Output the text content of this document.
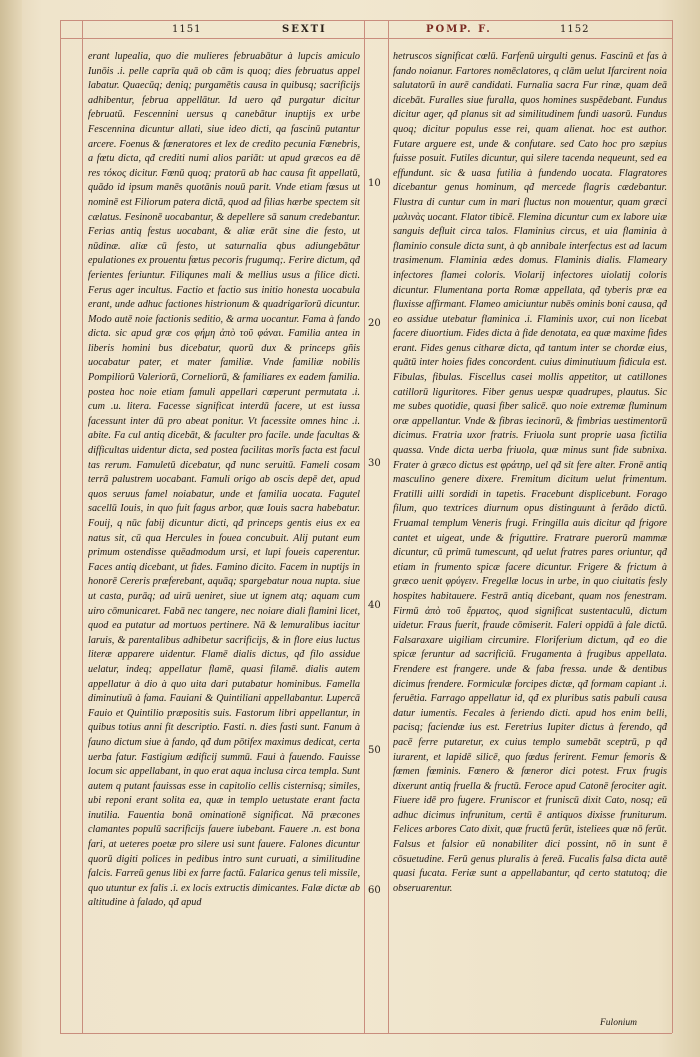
1151	SEXTI	POMP. F.	1152
10
20
30
40
50
60

erant lupealia, quo die mulieres februabātur à lupcis amiculo Iunōis .i. pelle caprīa quā ob cām is quoq; dies februatus appel labatur. Quaecūq; deniq; purgamētis causa in quibusq; sacrificijs adhibentur, februa appellātur. Id uero qđ purgatur dicitur februatū. Fescennini uersus q canebātur inuptijs ex urbe Fescennina dicuntur allati, siue ideo dicti, qa fascinū putantur arcere. Foenus & fœneratores et lex de credito pecunia Fœnebris, a fœtu dicta, qđ crediti numi alios pariāt: ut apud græcos ea dē res τόκος dicitur. Fœnū quoq; pratorū ab hac causa fit appellatū, quādo id ipsum manēs quotānis nouū parit. Vnde etiam fœsus ut nominē est Filiorum patera dictā, quod ad filias hærbe spectem sit cælatus. Fesinonē uocabantur, & depellere sā sanum credebantur. Ferias antiq festus uocabant, & aliæ erāt sine die festo, ut nūdinæ. aliæ cū festo, ut saturnalia qbus adiungebātur epulationes ex prouentu fœtus pecoris frugumq;. Ferire dictum, qđ ferientes feriuntur. Filiqunes mali & mellius usus a filice dicti. Ferus ager incultus. Factio et factio sus initio honesta uocabula erant, unde adhuc factiones histrionum & quadrigarīorū dicuntur. Modo autē noie factionis seditio, & arma uocantur. Fama à fando dicta. sic apud græ cos φήμη ἀπὸ τοῦ φάναι. Familia antea in liberis homini bus dicebatur, quorū dux & princeps gñis uocabatur pater, et mater familiæ. Vnde familiæ nobilis Pompiliorū Valeriorū, Corneliorū, & familiares ex eadem familia. postea hoc noie etiam famuli appellari cœperunt permutata .i. cum .u. litera. Facesse significat interdū facere, ut est iussa facessunt inter dū pro abeat ponitur. Vt facessite omnes hinc .i. abite. Fa cul antiq dicebāt, & faculter pro facile. unde facultas & difficultas uidentur dicta, sed postea facilitas morīs facta est facul tas rerum. Famuletū dicebatur, qđ nunc seruitū. Fameli cosam terrā palustrem uocabant. Famuli origo ab oscis depē det, apud quos seruus famel noiabatur, unde et familia uocata. Fagutel sacellū Iouis, in quo fuit fagus arbor, quæ Iouis sacra habebatur. Fouij, q nūc fabij dicuntur dicti, qđ princeps gentis eius ex ea natus sit, cū qua Hercules in fouea concubuit. Alij putant eum primum ostendisse quēadmodum ursi, et lupi foueis caperentur. Faces antiq dicebant, ut fides. Famino dicito. Facem in nuptijs in honorē Cereris præferebant, aquāq; spargebatur noua nupta. siue ut casta, purāq; ad uirū ueniret, siue ut ignem atq; aquam cum uiro cōmunicaret. Fabā nec tangere, nec noiare diali flamini licet, quod ea putatur ad mortuos pertinere. Nā & lemuralibus iacitur laruis, & parentalibus adhibetur sacrificijs, & in flore eius luctus literæ apparere uidentur. Flamē dialis dictus, qđ filo assidue uelatur, indeq; appellatur flamē, quasi filamē. dialis autem appellatur à dio à quo uita dari putabatur hominibus. Famella diminutiuū à fama. Fauiani & Quintiliani appellabantur. Lupercā Fauio et Quintilio præpositis suis. Fastorum libri appellantur, in quibus totius anni fit descriptio. Fasti. n. dies fasti sunt. Fanum à fauno dictum siue à fando, qđ dum pōtifex maximus dedicat, certa uerba fatur. Fastigium ædificij summū. Faui à fauendo. Fauisse locum sic appellabant, in quo erat aqua inclusa circa templa. Sunt autem q putant fauissas esse in capitolio cellis cisternisq; similes, ubi reponi erant solita ea, quæ in templo uetustate erant facta inutilia. Fauentia bonā ominationē significat. Nā præcones clamantes populū sacrificijs fauere iubebant. Fauere .n. est bona fari, at ueteres poetæ pro silere usi sunt fauere. Falones dicuntur quorū digiti polices in pedibus intro sunt curuati, a similitudine falcis. Farreū genus libi ex farre factū. Falarica genus teli missile, quo utuntur ex falis .i. ex locis extructis dimicantes. Falæ dictæ ab altitudine à falado, qđ apud

hetruscos significat cœlū. Farfenū uirgulti genus. Fascinū et fas à fando noianur. Fartores nomēclatores, q clām uelut Ifarcirent noia salutatorū in aurē candidati. Furnalia sacra Fur rinæ, quam deā dicebāt. Furalles siue furalla, quos homines suspēdebant. Fundus dicitur ager, qđ planus sit ad similitudinem fundi uasorū. Fundus quoq; dicitur populus esse rei, quam alienat. hoc est author. Futare arguere est, unde & confutare. sed Cato hoc pro sæpius fuisse posuit. Futiles dicuntur, qui silere tacenda nequeunt, sed ea effundunt. sic & uasa futilia à fundendo uocata. Flagratores dicebantur genus hominum, qđ mercede flagris cædebantur. Flustra di cuntur cum in mari fluctus non mouentur, quam græci μαλινὰς uocant. Flator tibicē. Flemina dicuntur cum ex labore uiæ sanguis defluit circa talos. Flaminius circus, et uia flaminia à flaminio consule dicta sunt, à qb annibale interfectus est ad lacum trasimenum. Flaminia ædes domus. Flaminis dialis. Flameary infectores flamei coloris. Violarij infectores uiolatij coloris dicuntur. Flumentana porta Romæ appellata, qđ tyberis præ ea fluxisse affirmant. Flameo amiciuntur nubēs ominis boni causa, qđ eo assidue utebatur flaminica .i. Flaminis uxor, cui non licebat facere diuortium. Fides dicta à fide denotata, ea quæ maxime fides erant. Fides genus citharæ dicta, qđ tantum inter se chordæ eius, quātū inter hoies fides concordent. cuius diminutiuum fidicula est. Fibulas, fibulas. Fiscellus casei mollis appetitor, ut catillones catillorū liguritores. Fiber genus uespæ quadrupes, plautus. Sic me subes quotidie, quasi fiber salicē. quo noie extremæ fluminum oræ appellantur. Vnde & fibras iecinorū, & fimbrias uestimentorū dicimus. Fratria uxor fratris. Friuola sunt proprie uasa fictilia quassa. Vnde dicta uerba friuola, quæ minus sunt fide subnixa. Frater à græco dictus est φράτηρ, uel qđ sit fere alter. Fronē antiq masculino genere dixere. Fremitum dicitum uelut frimentum. Fratilli uilli sordidi in tapetis. Fracebunt displicebunt. Forago filum, quo textrices diurnum opus distinguunt à ferādo dictū. Fruamal templum Veneris frugi. Fringilla auis dicitur qđ frigore cantet et uigeat, unde & friguttire. Fratrare puerorū mammæ dicuntur, cū primū tumescunt, qđ uelut fratres pares oriuntur, qđ etiam in frumento spicæ facere dicuntur. Frigere & frictum à græco uenit φρύγειν. Fregellæ locus in urbe, in quo ciuitatis fesly hospites habitauere. Festrā antiq dicebant, quam nos fenestram. Firmū ἀπὸ τοῦ ἔρματος, quod significat sustentaculū, dictum uidetur. Fraus fuerit, fraude cōmiserit. Faleri oppidū à fale dictū. Falsaraxare uigiliam circumire. Floriferium dictum, qđ eo die spicæ feruntur ad sacrificiū. Frugamenta à frugibus appellata. Frendere est frangere. unde & faba fressa. unde & dentibus dicimus frendere. Formiculæ forcipes dictæ, qđ formam capiant .i. feruētia. Farrago appellatur id, qđ ex pluribus satis pabuli causa datur iumentis. Fecales à feriendo dicti. apud hos enim belli, pacisq; faciendæ ius est. Feretrius Iupiter dictus à ferendo, qđ pacē ferre putaretur, ex cuius templo sumebāt sceptrū, p qđ iurarent, et lapidē silicē, quo fœdus ferirent. Femur femoris & fœmen fœminis. Fœnero & fœneror dici potest. Frux frugis dixerunt antiq fruella & fructū. Feroce apud Catonē ferociter agit. Fiuere idē pro fugere. Fruniscor et fruniscū dixit Cato, nosq; eū adhuc dicimus infrunitum, certū ē antiquos dixisse fruniturum. Felices arbores Cato dixit, quæ fructū ferūt, isteliees quæ nō ferūt. Falsus et falsior eū nonabiliter dici possint, nō in sunt ē cōsuetudine. Ferū genus pluralis à fereā. Fucalis falsa dicta autē quasi fucata. Feriæ sunt a appellabantur, qđ certo statutoq; die obseruarentur.

Fulonium
